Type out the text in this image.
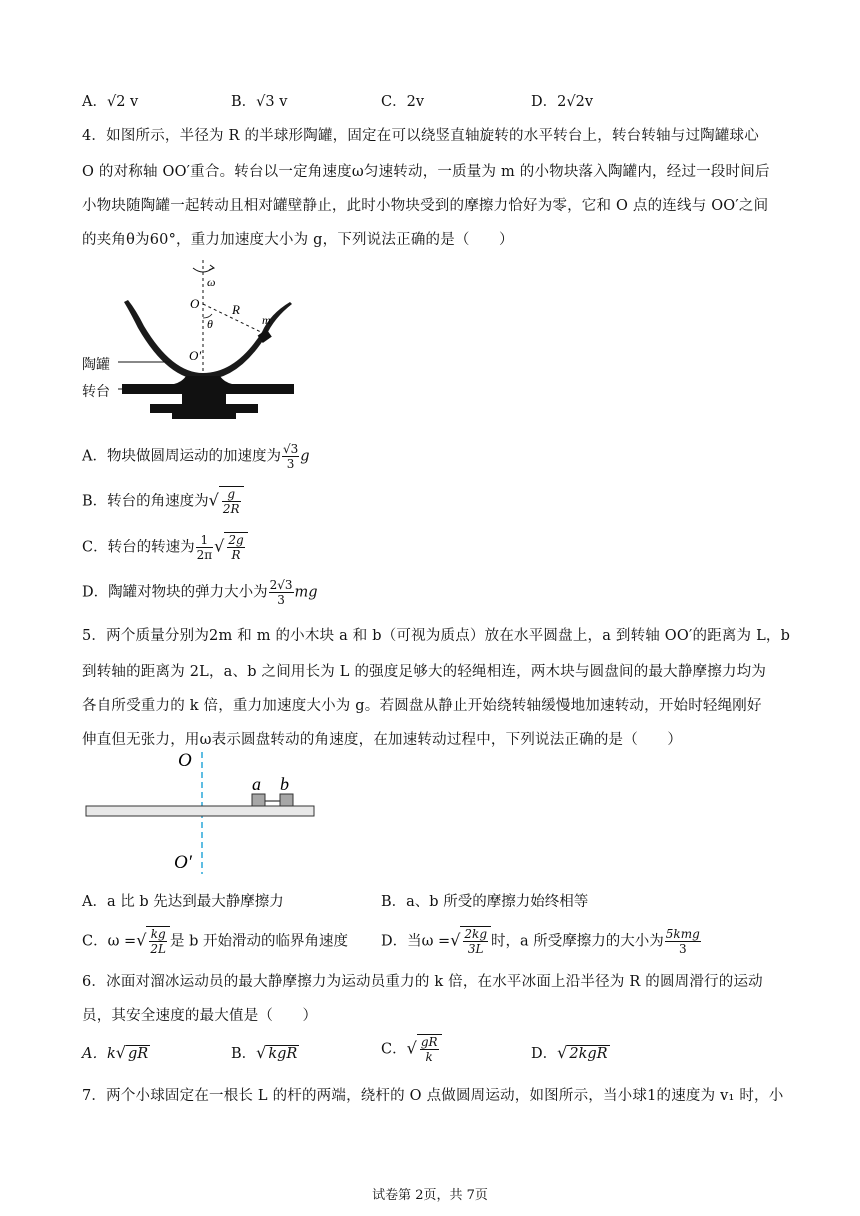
A．√2 v	B．√3 v	C．2v	D．2√2v
4．如图所示，半径为 R 的半球形陶罐，固定在可以绕竖直轴旋转的水平转台上，转台转轴与过陶罐球心
O 的对称轴 OO′重合。转台以一定角速度ω匀速转动，一质量为 m 的小物块落入陶罐内，经过一段时间后
小物块随陶罐一起转动且相对罐壁静止，此时小物块受到的摩擦力恰好为零，它和 O 点的连线与 OO′之间
的夹角θ为60°，重力加速度大小为 g，下列说法正确的是（　　）
ω
O	R
θ	m
O′
陶罐
转台
A．物块做圆周运动的加速度为 $\frac{√3}{3}$ g
B．转台的角速度为√ $\frac{g}{2R}$
C．转台的转速为 $\frac{1}{2\pi}$ √ $\frac{2g}{R}$
D．陶罐对物块的弹力大小为 $\frac{2√3}{3}$ mg
5．两个质量分别为2m 和 m 的小木块 a 和 b（可视为质点）放在水平圆盘上，a 到转轴 OO′的距离为 L，b
到转轴的距离为 2L，a、b 之间用长为 L 的强度足够大的轻绳相连，两木块与圆盘间的最大静摩擦力均为
各自所受重力的 k 倍，重力加速度大小为 g。若圆盘从静止开始绕转轴缓慢地加速转动，开始时轻绳刚好
伸直但无张力，用ω表示圆盘转动的角速度，在加速转动过程中，下列说法正确的是（　　）
O
a b
O′
A．a 比 b 先达到最大静摩擦力	B．a、b 所受的摩擦力始终相等
C．ω =√ $\frac{kg}{2L}$ 是 b 开始滑动的临界角速度 D．当ω =√ $\frac{2kg}{3L}$ 时，a 所受摩擦力的大小为 $\frac{\text{5kmg}}{3}$
6．冰面对溜冰运动员的最大静摩擦力为运动员重力的 k 倍，在水平冰面上沿半径为 R 的圆周滑行的运动
员，其安全速度的最大值是（　　）
A．k√ gR	B．√ kgR	C．√ $\frac{gR}{k}$	D．√ 2kgR
7．两个小球固定在一根长 L 的杆的两端，绕杆的 O 点做圆周运动，如图所示，当小球1的速度为 v₁ 时，小
试卷第 2页，共 7页
